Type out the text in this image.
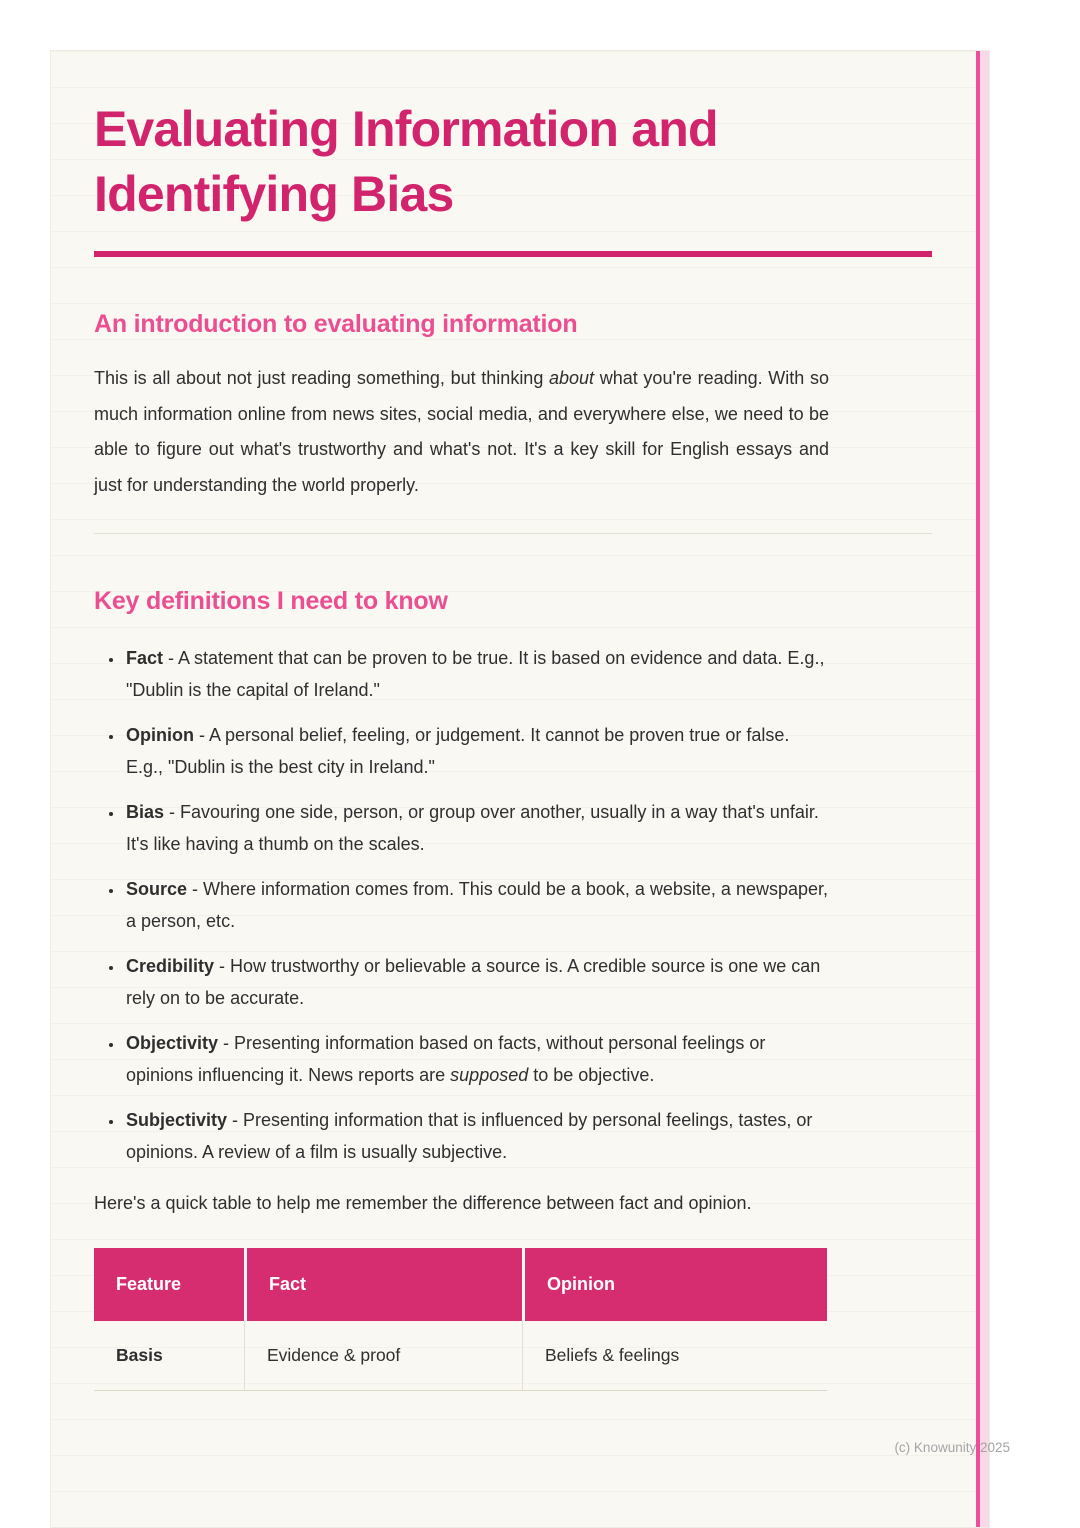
Evaluating Information and Identifying Bias
An introduction to evaluating information

This is all about not just reading something, but thinking about what you're reading. With so much information online from news sites, social media, and everywhere else, we need to be able to figure out what's trustworthy and what's not. It's a key skill for English essays and just for understanding the world properly.

Key definitions I need to know
• Fact - A statement that can be proven to be true. It is based on evidence and data. E.g., "Dublin is the capital of Ireland."
• Opinion - A personal belief, feeling, or judgement. It cannot be proven true or false. E.g., "Dublin is the best city in Ireland."
• Bias - Favouring one side, person, or group over another, usually in a way that's unfair. It's like having a thumb on the scales.
• Source - Where information comes from. This could be a book, a website, a newspaper, a person, etc.
• Credibility - How trustworthy or believable a source is. A credible source is one we can rely on to be accurate.
• Objectivity - Presenting information based on facts, without personal feelings or opinions influencing it. News reports are supposed to be objective.
• Subjectivity - Presenting information that is influenced by personal feelings, tastes, or opinions. A review of a film is usually subjective.

Here's a quick table to help me remember the difference between fact and opinion.

Feature	Fact	Opinion
Basis	Evidence & proof	Beliefs & feelings
(c) Knowunity 2025
